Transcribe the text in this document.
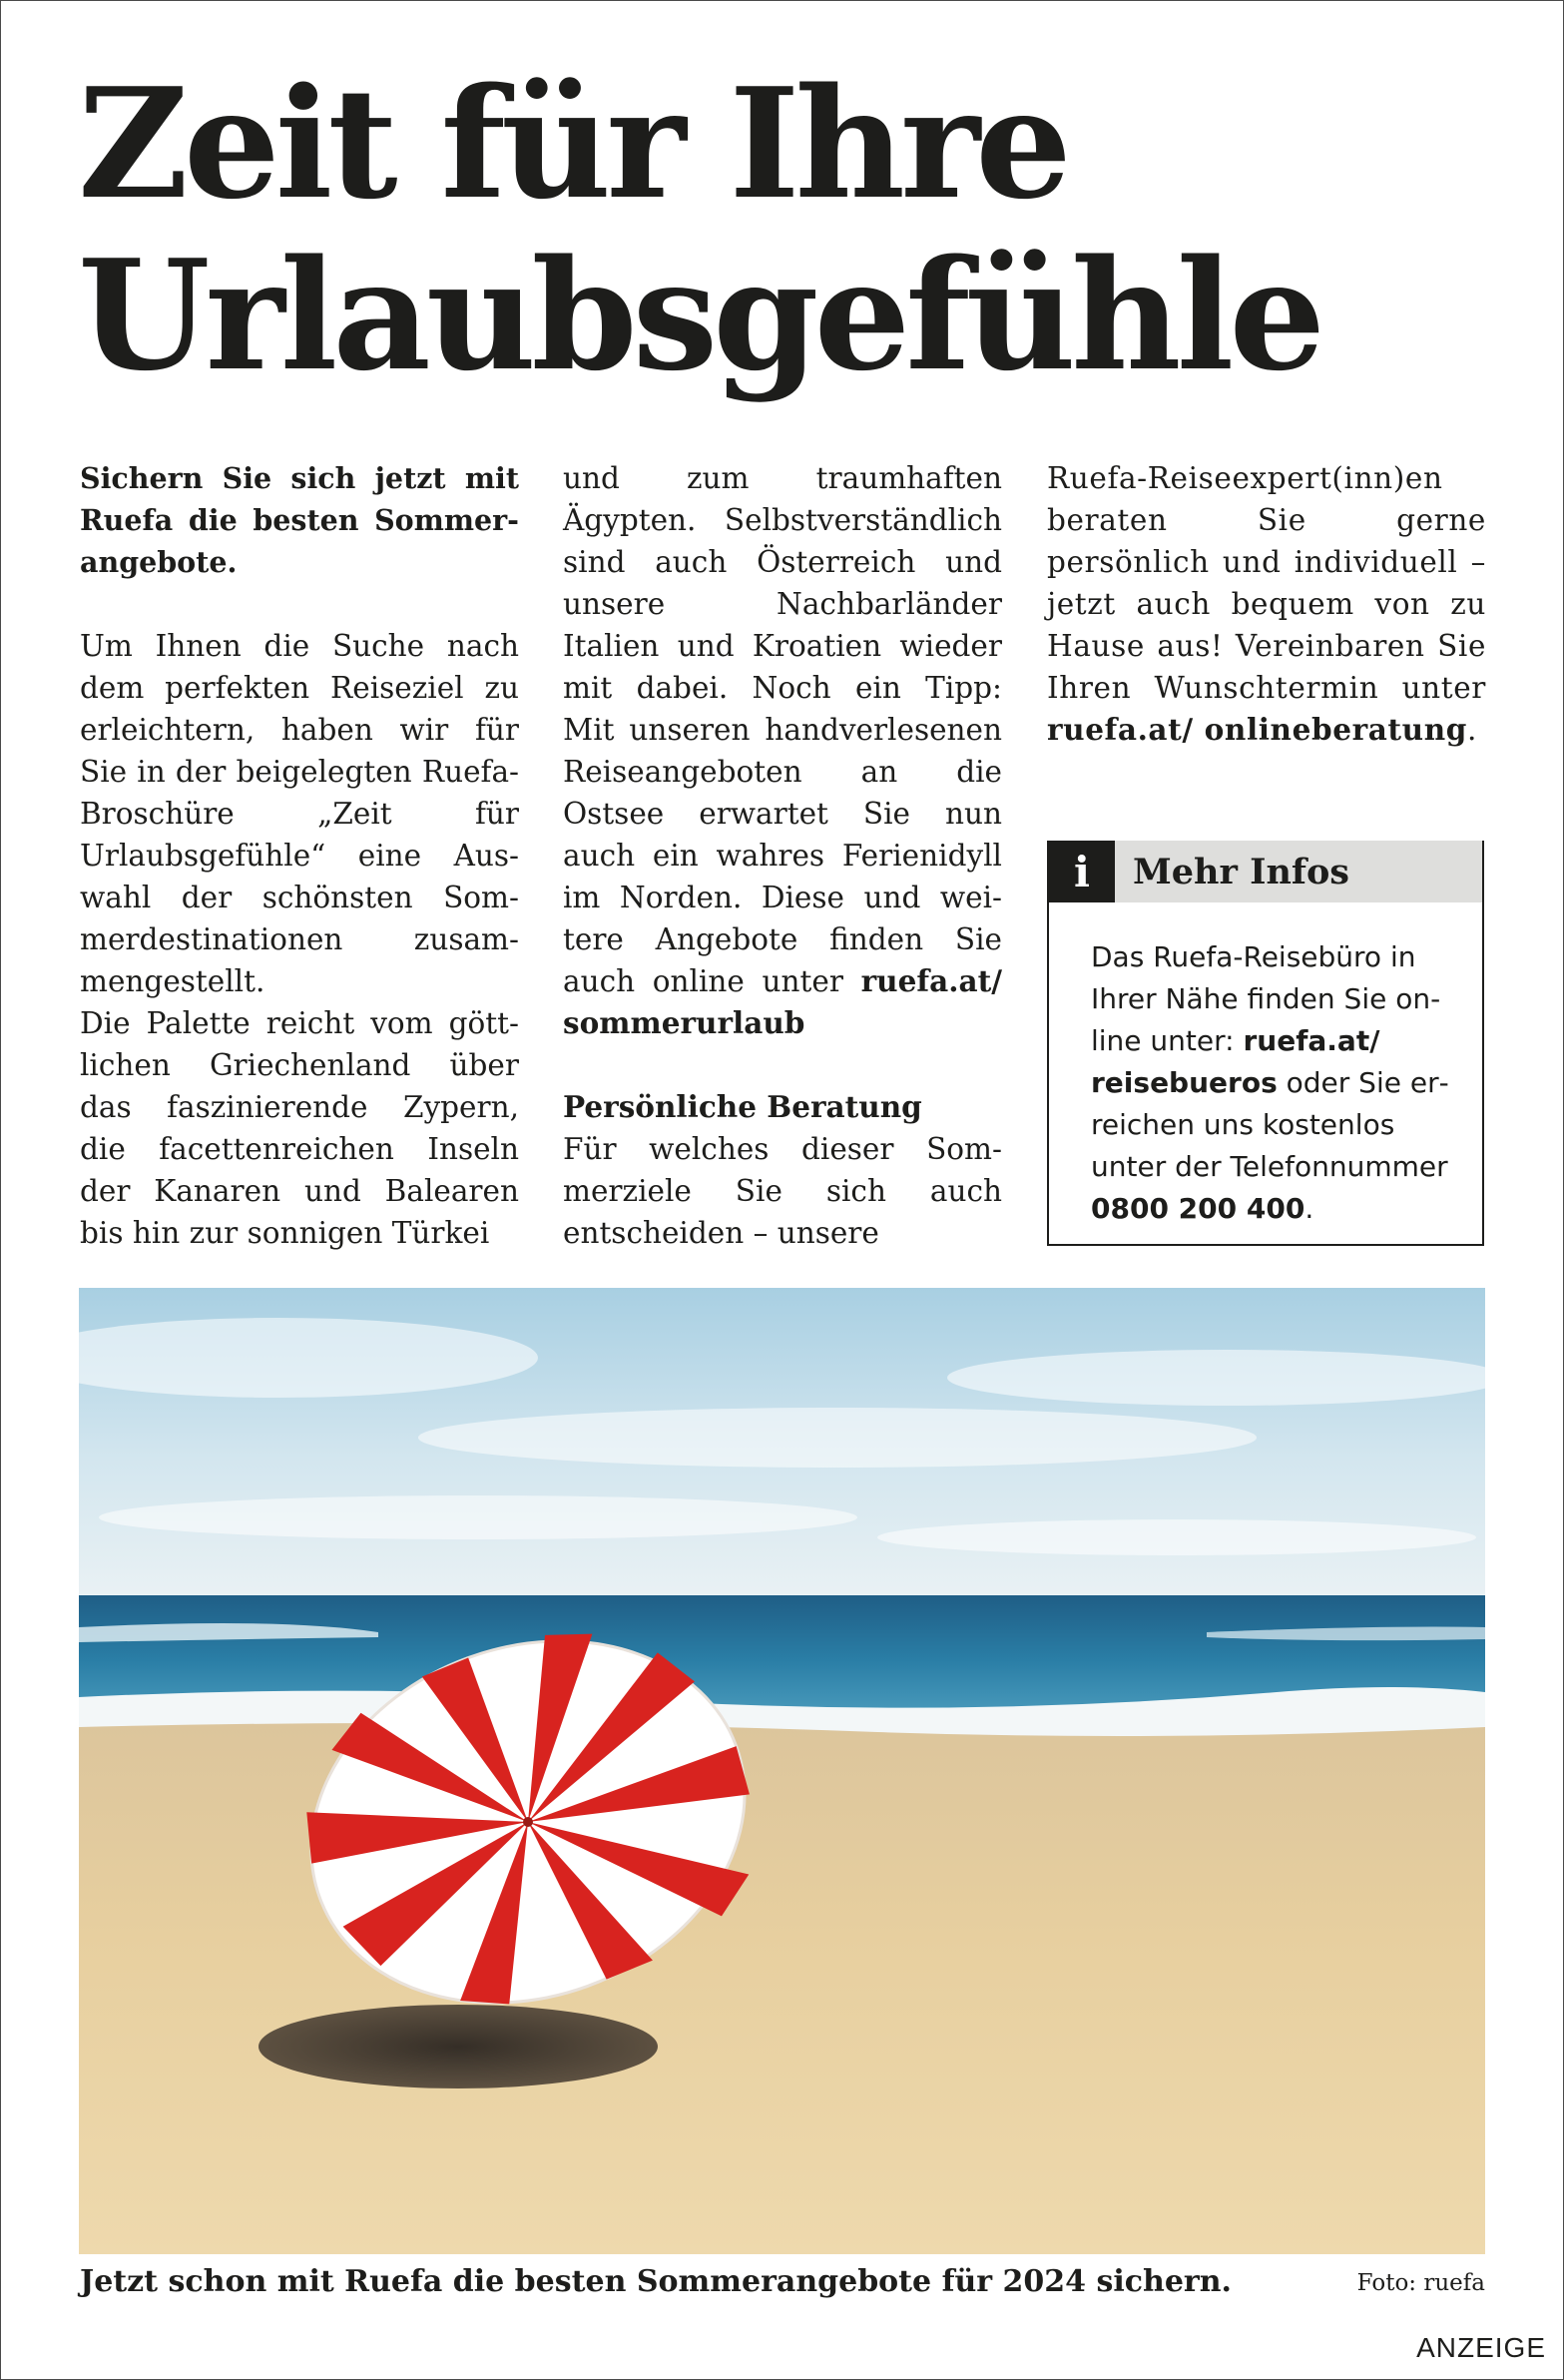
Zeit für Ihre
Urlaubsgefühle

Sichern Sie sich jetzt mit Ruefa die besten Sommerangebote.

Um Ihnen die Suche nach dem perfekten Reiseziel zu erleichtern, haben wir für Sie in der beigelegten Ruefa-Broschüre „Zeit für Urlaubsgefühle“ eine Auswahl der schönsten Sommerdestinationen zusammengestellt.

Die Palette reicht vom göttlichen Griechenland über das faszinierende Zypern, die facettenreichen Inseln der Kanaren und Balearen bis hin zur sonnigen Türkei

und zum traumhaften Ägypten. Selbstverständlich sind auch Österreich und unsere Nachbarländer Italien und Kroatien wieder mit dabei. Noch ein Tipp: Mit unseren handverlesenen Reiseangeboten an die Ostsee erwartet Sie nun auch ein wahres Ferienidyll im Norden. Diese und weitere Angebote finden Sie auch online unter ruefa.at/ sommerurlaub

Persönliche Beratung

Für welches dieser Sommerziele Sie sich auch entscheiden – unsere

Ruefa-Reiseexpert(inn)en beraten Sie gerne persönlich und individuell – jetzt auch bequem von zu Hause aus! Vereinbaren Sie Ihren Wunschtermin unter ruefa.at/ onlineberatung.

i	Mehr Infos

Das Ruefa-Reisebüro in Ihrer Nähe finden Sie online unter: ruefa.at/ reisebueros oder Sie erreichen uns kostenlos unter der Telefonnummer 0800 200 400.

Jetzt schon mit Ruefa die besten Sommerangebote für 2024 sichern.	Foto: ruefa

ANZEIGE
